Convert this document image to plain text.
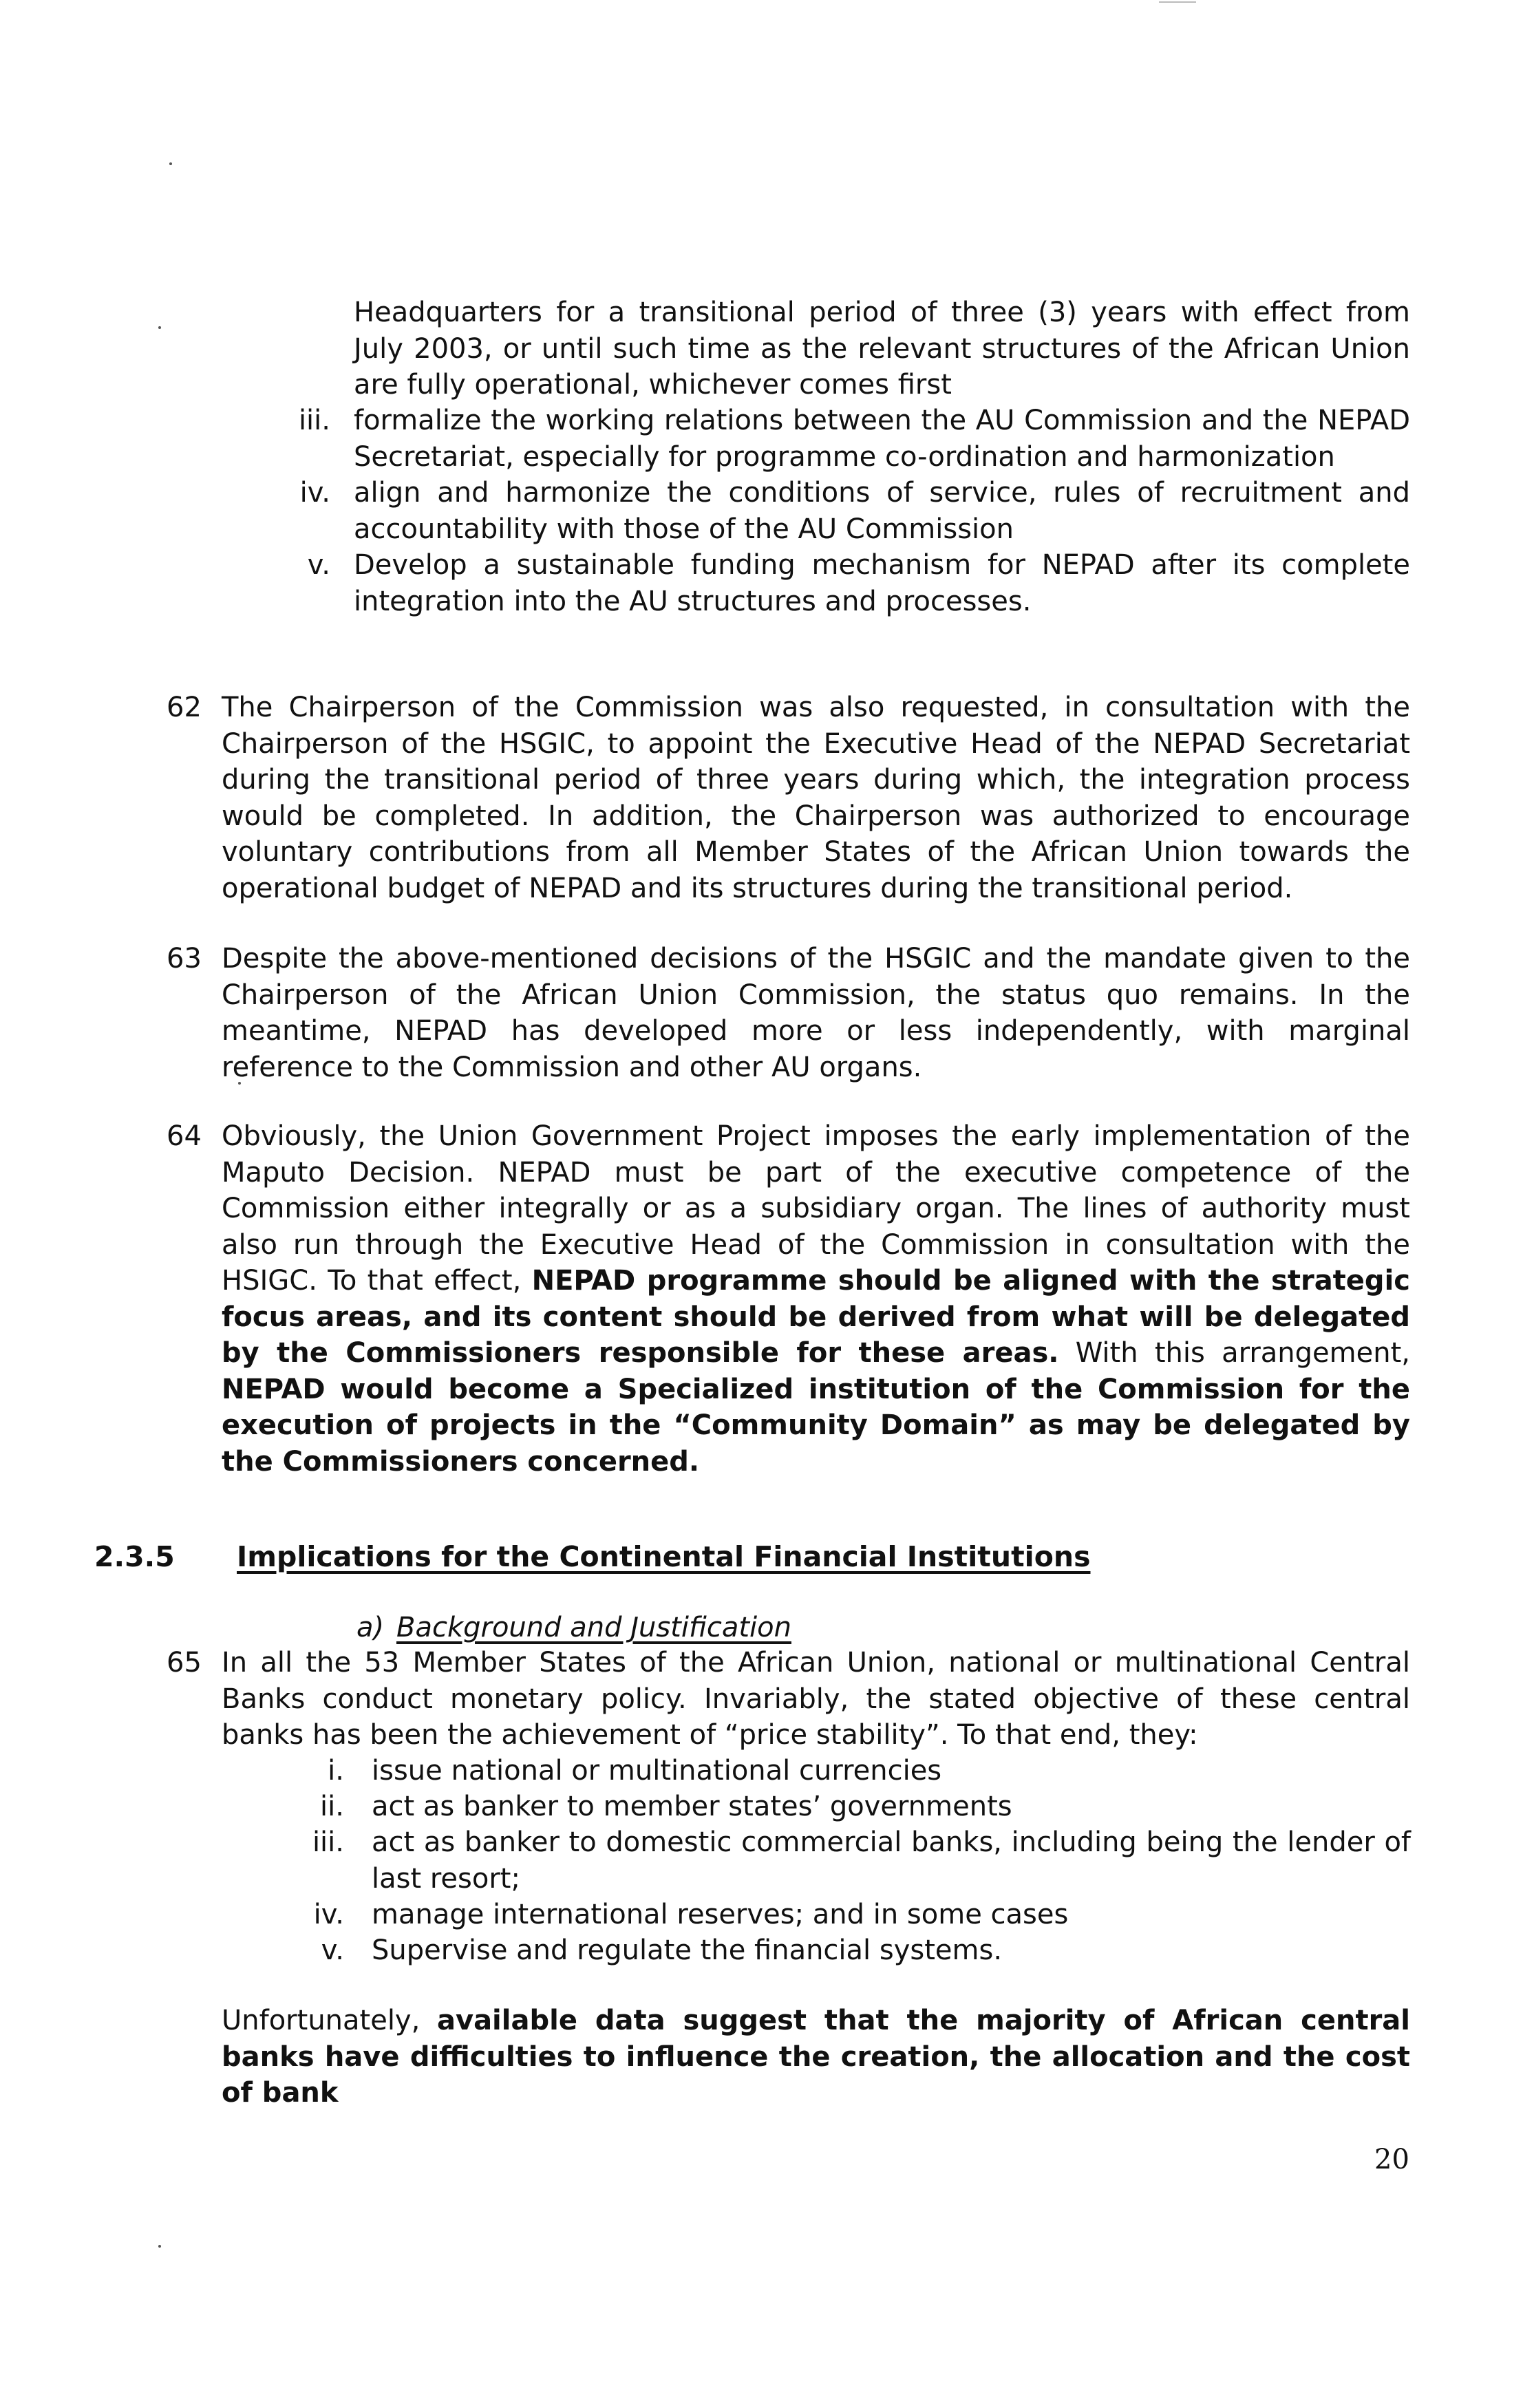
Headquarters for a transitional period of three (3) years with effect from July 2003, or until such time as the relevant structures of the African Union are fully operational, whichever comes first
iii. formalize the working relations between the AU Commission and the NEPAD Secretariat, especially for programme co-ordination and harmonization
iv. align and harmonize the conditions of service, rules of recruitment and accountability with those of the AU Commission
v. Develop a sustainable funding mechanism for NEPAD after its complete integration into the AU structures and processes.
62 The Chairperson of the Commission was also requested, in consultation with the Chairperson of the HSGIC, to appoint the Executive Head of the NEPAD Secretariat during the transitional period of three years during which, the integration process would be completed. In addition, the Chairperson was authorized to encourage voluntary contributions from all Member States of the African Union towards the operational budget of NEPAD and its structures during the transitional period.
63 Despite the above-mentioned decisions of the HSGIC and the mandate given to the Chairperson of the African Union Commission, the status quo remains. In the meantime, NEPAD has developed more or less independently, with marginal reference to the Commission and other AU organs.
64 Obviously, the Union Government Project imposes the early implementation of the Maputo Decision. NEPAD must be part of the executive competence of the Commission either integrally or as a subsidiary organ. The lines of authority must also run through the Executive Head of the Commission in consultation with the HSIGC. To that effect, NEPAD programme should be aligned with the strategic focus areas, and its content should be derived from what will be delegated by the Commissioners responsible for these areas. With this arrangement, NEPAD would become a Specialized institution of the Commission for the execution of projects in the “Community Domain” as may be delegated by the Commissioners concerned.
2.3.5 Implications for the Continental Financial Institutions
a) Background and Justification
65 In all the 53 Member States of the African Union, national or multinational Central Banks conduct monetary policy. Invariably, the stated objective of these central banks has been the achievement of “price stability”. To that end, they:
i. issue national or multinational currencies
ii. act as banker to member states’ governments
iii. act as banker to domestic commercial banks, including being the lender of last resort;
iv. manage international reserves; and in some cases
v. Supervise and regulate the financial systems.
Unfortunately, available data suggest that the majority of African central banks have difficulties to influence the creation, the allocation and the cost of bank
20
